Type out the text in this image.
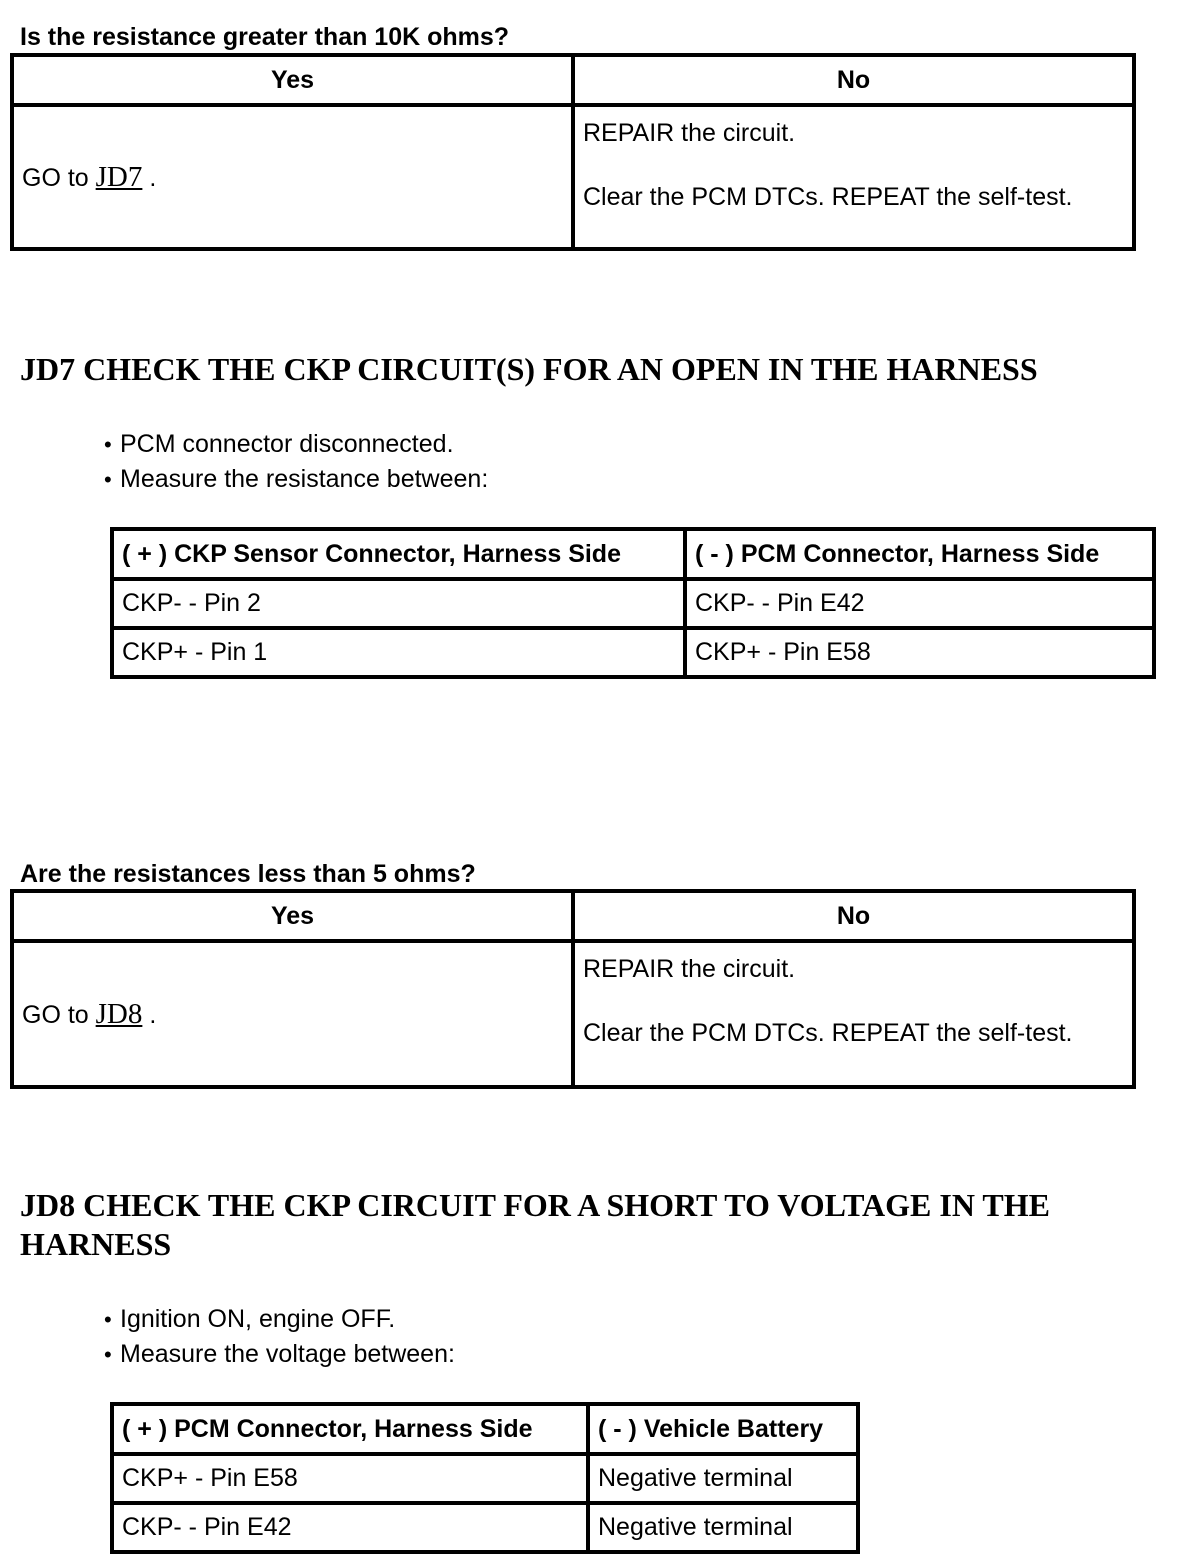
Is the resistance greater than 10K ohms?
Yes	No
GO to JD7 .	REPAIR the circuit.

Clear the PCM DTCs. REPEAT the self-test.

JD7 CHECK THE CKP CIRCUIT(S) FOR AN OPEN IN THE HARNESS
• PCM connector disconnected.
• Measure the resistance between:
( + ) CKP Sensor Connector, Harness Side	( - ) PCM Connector, Harness Side
CKP- - Pin 2	CKP- - Pin E42
CKP+ - Pin 1	CKP+ - Pin E58
Are the resistances less than 5 ohms?
Yes	No
GO to JD8 .	REPAIR the circuit.

Clear the PCM DTCs. REPEAT the self-test.

JD8 CHECK THE CKP CIRCUIT FOR A SHORT TO VOLTAGE IN THE HARNESS
• Ignition ON, engine OFF.
• Measure the voltage between:
( + ) PCM Connector, Harness Side	( - ) Vehicle Battery
CKP+ - Pin E58	Negative terminal
CKP- - Pin E42	Negative terminal
